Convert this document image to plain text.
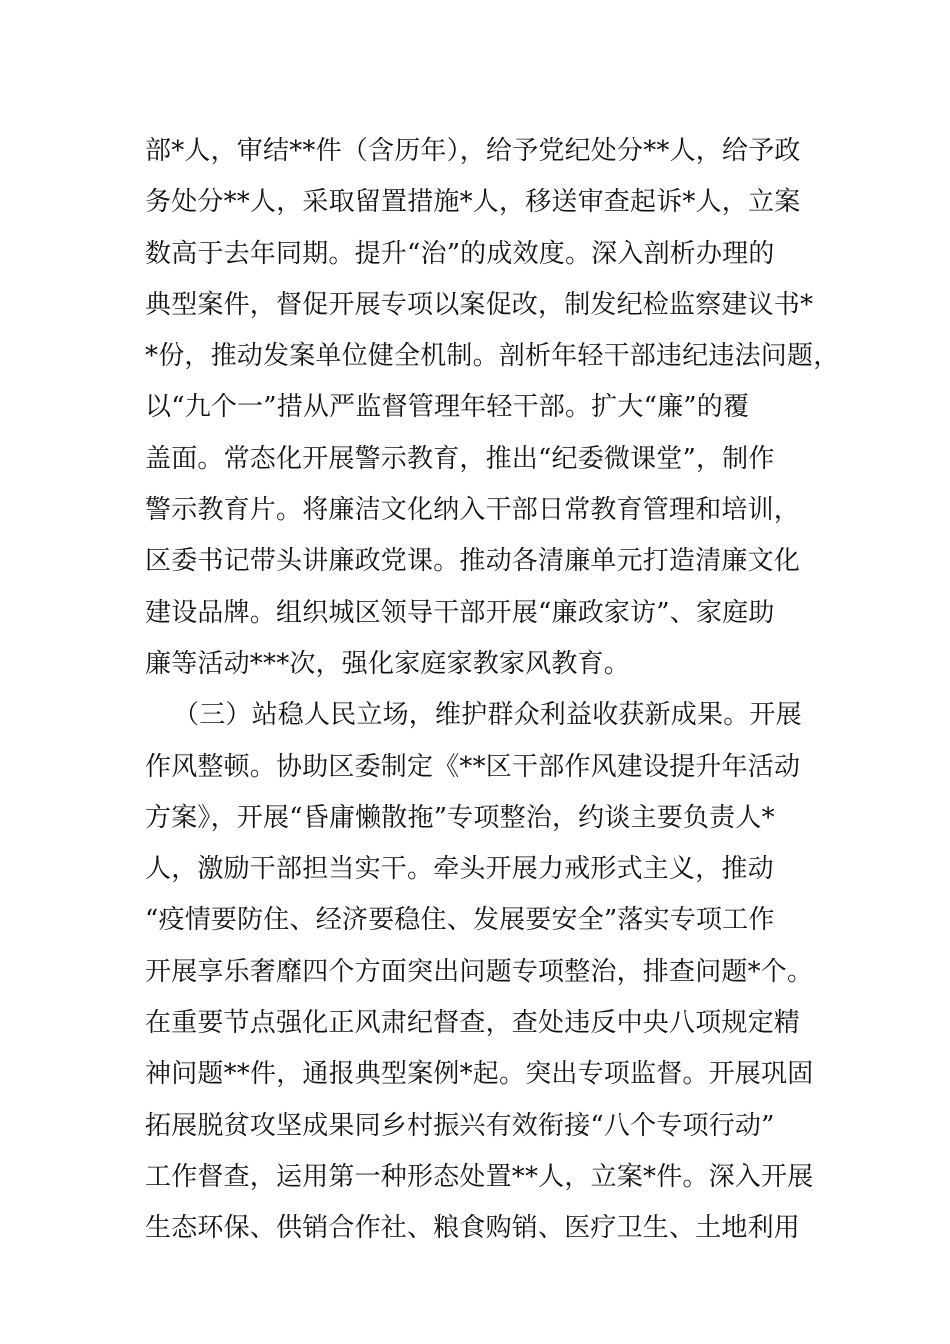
部*人，审结**件（含历年），给予党纪处分**人，给予政
务处分**人，采取留置措施*人，移送审查起诉*人，立案
数高于去年同期。提升“治”的成效度。深入剖析办理的
典型案件，督促开展专项以案促改，制发纪检监察建议书*
*份，推动发案单位健全机制。剖析年轻干部违纪违法问题，
以“九个一”措从严监督管理年轻干部。扩大“廉”的覆
盖面。常态化开展警示教育，推出“纪委微课堂”，制作
警示教育片。将廉洁文化纳入干部日常教育管理和培训，
区委书记带头讲廉政党课。推动各清廉单元打造清廉文化
建设品牌。组织城区领导干部开展“廉政家访”、家庭助
廉等活动***次，强化家庭家教家风教育。
（三）站稳人民立场，维护群众利益收获新成果。开展
作风整顿。协助区委制定《**区干部作风建设提升年活动
方案》，开展“昏庸懒散拖”专项整治，约谈主要负责人*
人，激励干部担当实干。牵头开展力戒形式主义，推动
“疫情要防住、经济要稳住、发展要安全”落实专项工作
开展享乐奢靡四个方面突出问题专项整治，排查问题*个。
在重要节点强化正风肃纪督查，查处违反中央八项规定精
神问题**件，通报典型案例*起。突出专项监督。开展巩固
拓展脱贫攻坚成果同乡村振兴有效衔接“八个专项行动”
工作督查，运用第一种形态处置**人，立案*件。深入开展
生态环保、供销合作社、粮食购销、医疗卫生、土地利用
